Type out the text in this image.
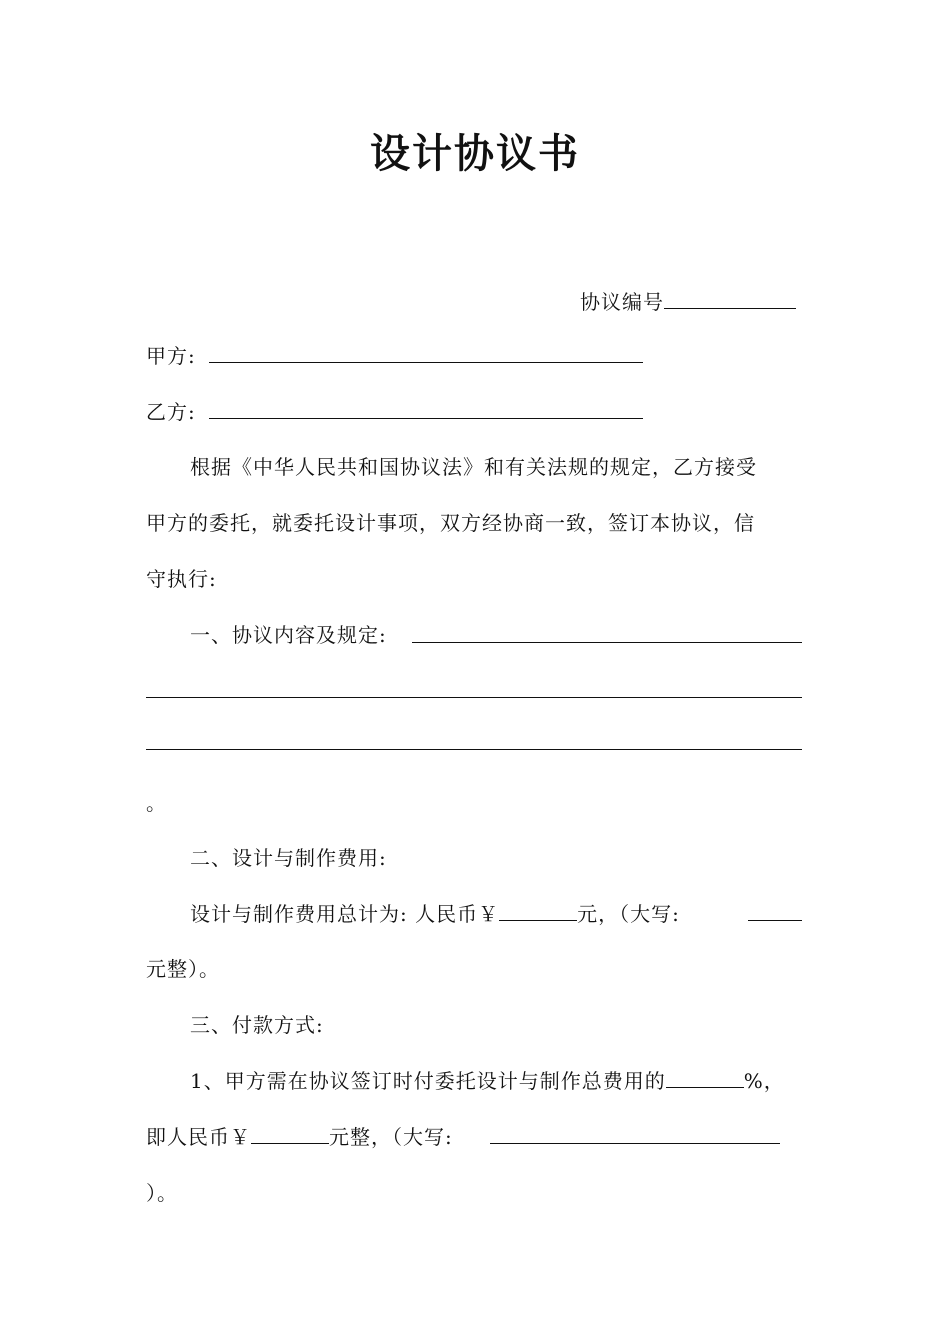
设计协议书
协议编号
甲方:
乙方:
根据《中华人民共和国协议法》和有关法规的规定，乙方接受
甲方的委托，就委托设计事项，双方经协商一致，签订本协议，信
守执行:
一、协议内容及规定:
。
二、设计与制作费用:
设计与制作费用总计为: 人民币￥	元，（大写:
元整）。
三、付款方式:
1、甲方需在协议签订时付委托设计与制作总费用的	%，
即人民币￥	元整，（大写:
）。
